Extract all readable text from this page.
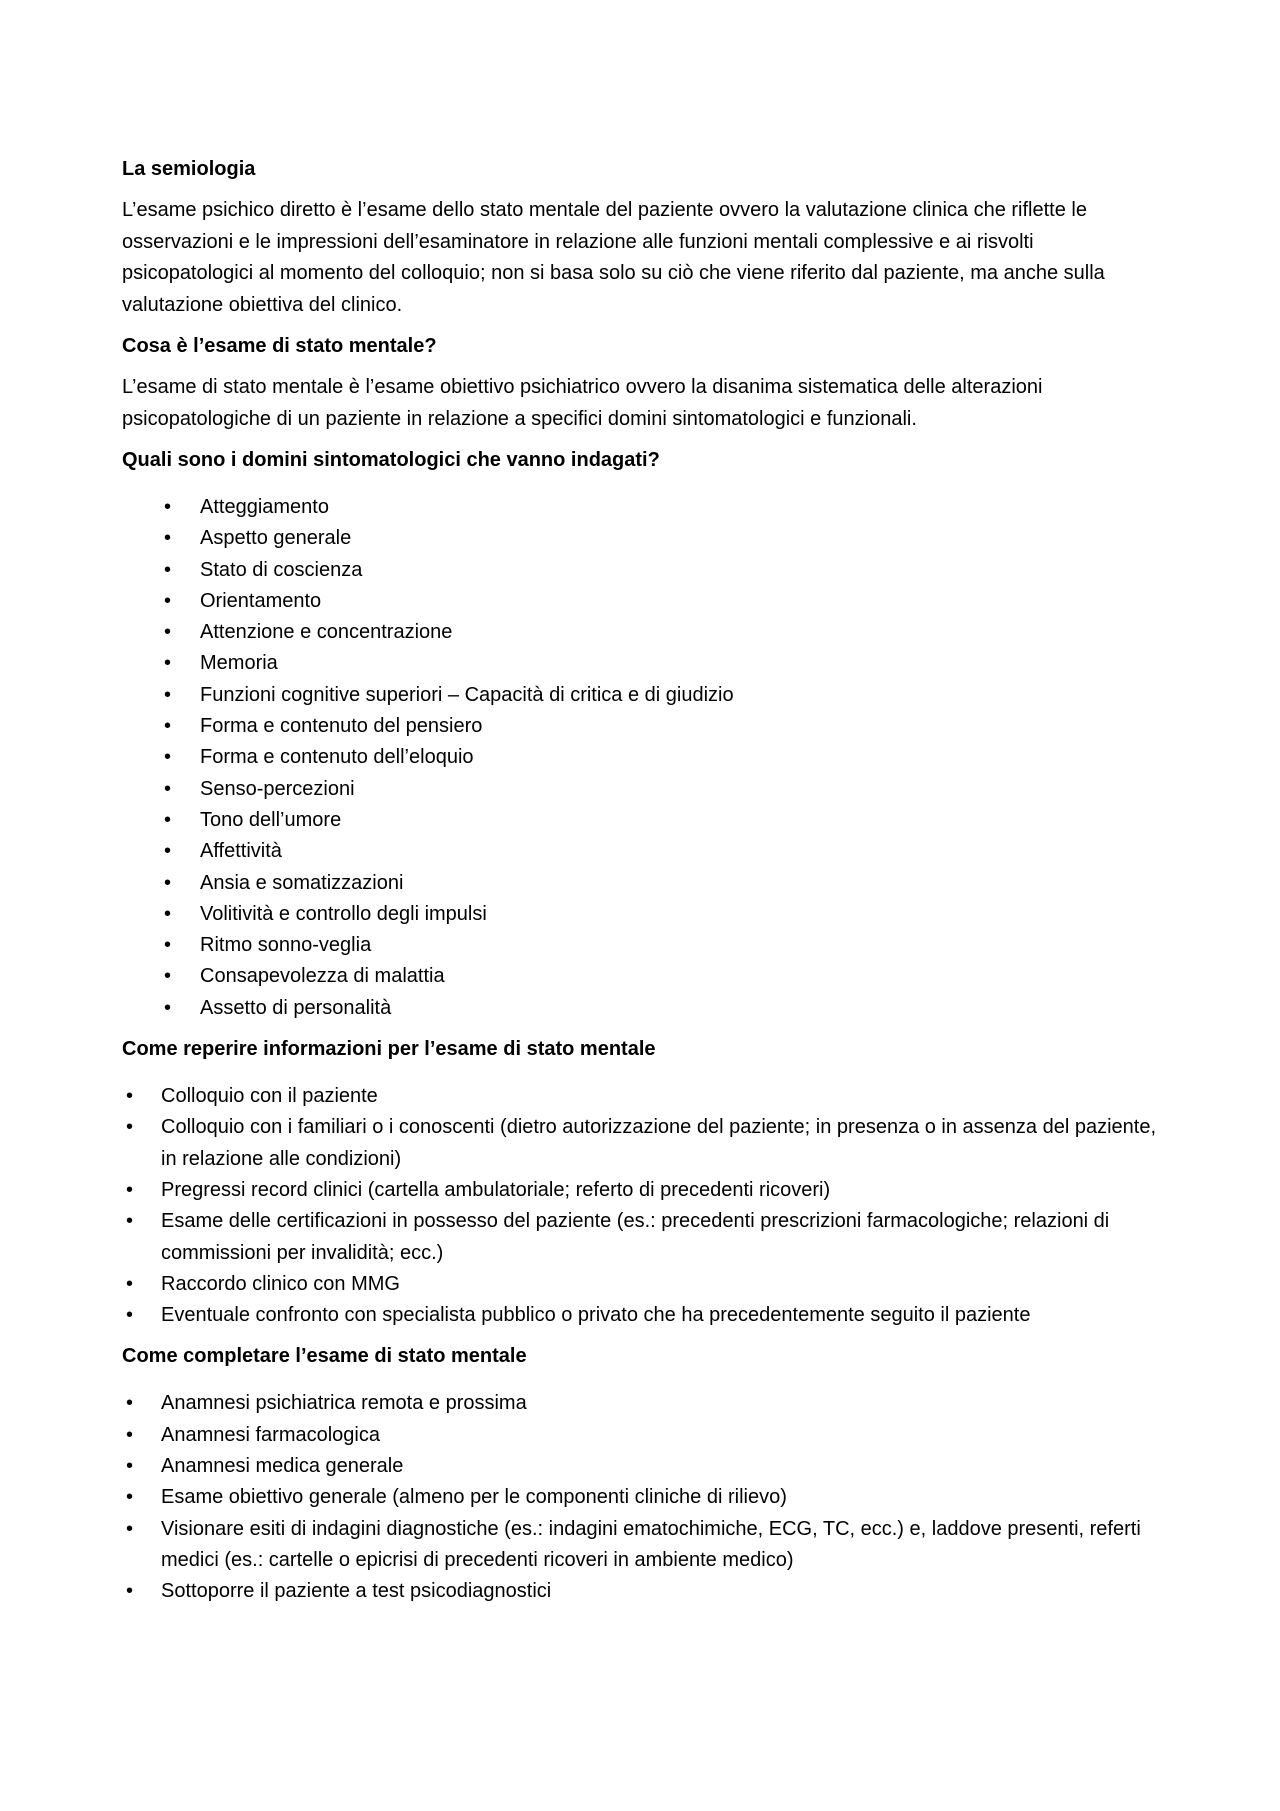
La semiologia

L’esame psichico diretto è l’esame dello stato mentale del paziente ovvero la valutazione clinica che riflette le osservazioni e le impressioni dell’esaminatore in relazione alle funzioni mentali complessive e ai risvolti psicopatologici al momento del colloquio; non si basa solo su ciò che viene riferito dal paziente, ma anche sulla valutazione obiettiva del clinico.

Cosa è l’esame di stato mentale?

L’esame di stato mentale è l’esame obiettivo psichiatrico ovvero la disanima sistematica delle alterazioni psicopatologiche di un paziente in relazione a specifici domini sintomatologici e funzionali.

Quali sono i domini sintomatologici che vanno indagati?
• Atteggiamento
• Aspetto generale
• Stato di coscienza
• Orientamento
• Attenzione e concentrazione
• Memoria
• Funzioni cognitive superiori – Capacità di critica e di giudizio
• Forma e contenuto del pensiero
• Forma e contenuto dell’eloquio
• Senso-percezioni
• Tono dell’umore
• Affettività
• Ansia e somatizzazioni
• Volitività e controllo degli impulsi
• Ritmo sonno-veglia
• Consapevolezza di malattia
• Assetto di personalità
Come reperire informazioni per l’esame di stato mentale
• Colloquio con il paziente
• Colloquio con i familiari o i conoscenti (dietro autorizzazione del paziente; in presenza o in assenza del paziente, in relazione alle condizioni)
• Pregressi record clinici (cartella ambulatoriale; referto di precedenti ricoveri)
• Esame delle certificazioni in possesso del paziente (es.: precedenti prescrizioni farmacologiche; relazioni di commissioni per invalidità; ecc.)
• Raccordo clinico con MMG
• Eventuale confronto con specialista pubblico o privato che ha precedentemente seguito il paziente
Come completare l’esame di stato mentale
• Anamnesi psichiatrica remota e prossima
• Anamnesi farmacologica
• Anamnesi medica generale
• Esame obiettivo generale (almeno per le componenti cliniche di rilievo)
• Visionare esiti di indagini diagnostiche (es.: indagini ematochimiche, ECG, TC, ecc.) e, laddove presenti, referti medici (es.: cartelle o epicrisi di precedenti ricoveri in ambiente medico)
• Sottoporre il paziente a test psicodiagnostici
